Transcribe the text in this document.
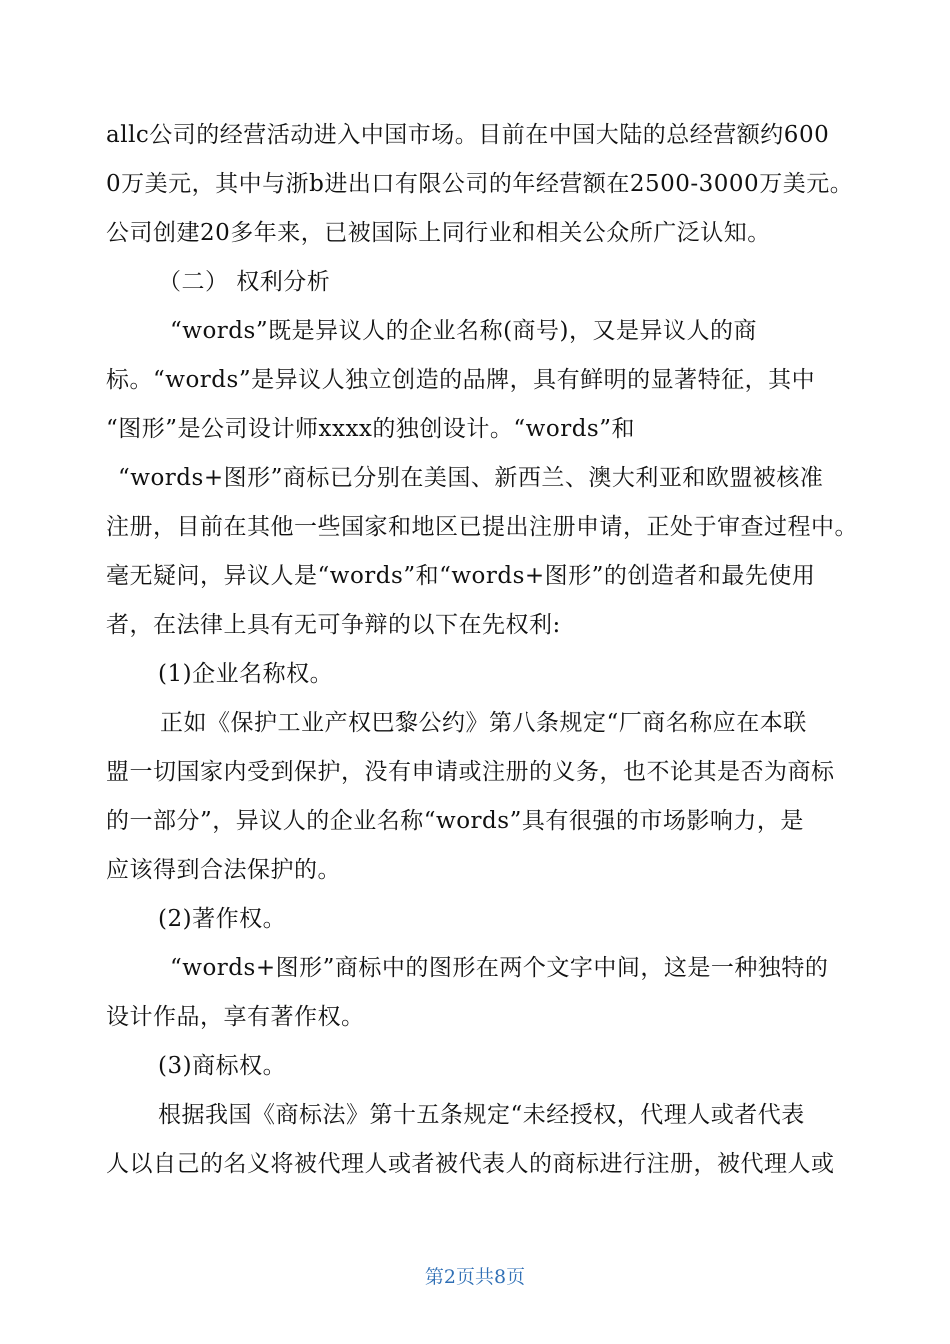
allc公司的经营活动进入中国市场。目前在中国大陆的总经营额约600
0万美元，其中与浙b进出口有限公司的年经营额在2500-3000万美元。
公司创建20多年来，已被国际上同行业和相关公众所广泛认知。
（二） 权利分析
“words”既是异议人的企业名称(商号)，又是异议人的商
标。“words”是异议人独立创造的品牌，具有鲜明的显著特征，其中
“图形”是公司设计师xxxx的独创设计。“words”和
“words+图形”商标已分别在美国、新西兰、澳大利亚和欧盟被核准
注册，目前在其他一些国家和地区已提出注册申请，正处于审查过程中。
毫无疑问，异议人是“words”和“words+图形”的创造者和最先使用
者，在法律上具有无可争辩的以下在先权利:
(1)企业名称权。
正如《保护工业产权巴黎公约》第八条规定“厂商名称应在本联
盟一切国家内受到保护，没有申请或注册的义务，也不论其是否为商标
的一部分”，异议人的企业名称“words”具有很强的市场影响力，是
应该得到合法保护的。
(2)著作权。
“words+图形”商标中的图形在两个文字中间，这是一种独特的
设计作品，享有著作权。
(3)商标权。
根据我国《商标法》第十五条规定“未经授权，代理人或者代表
人以自己的名义将被代理人或者被代表人的商标进行注册，被代理人或
第2页共8页
